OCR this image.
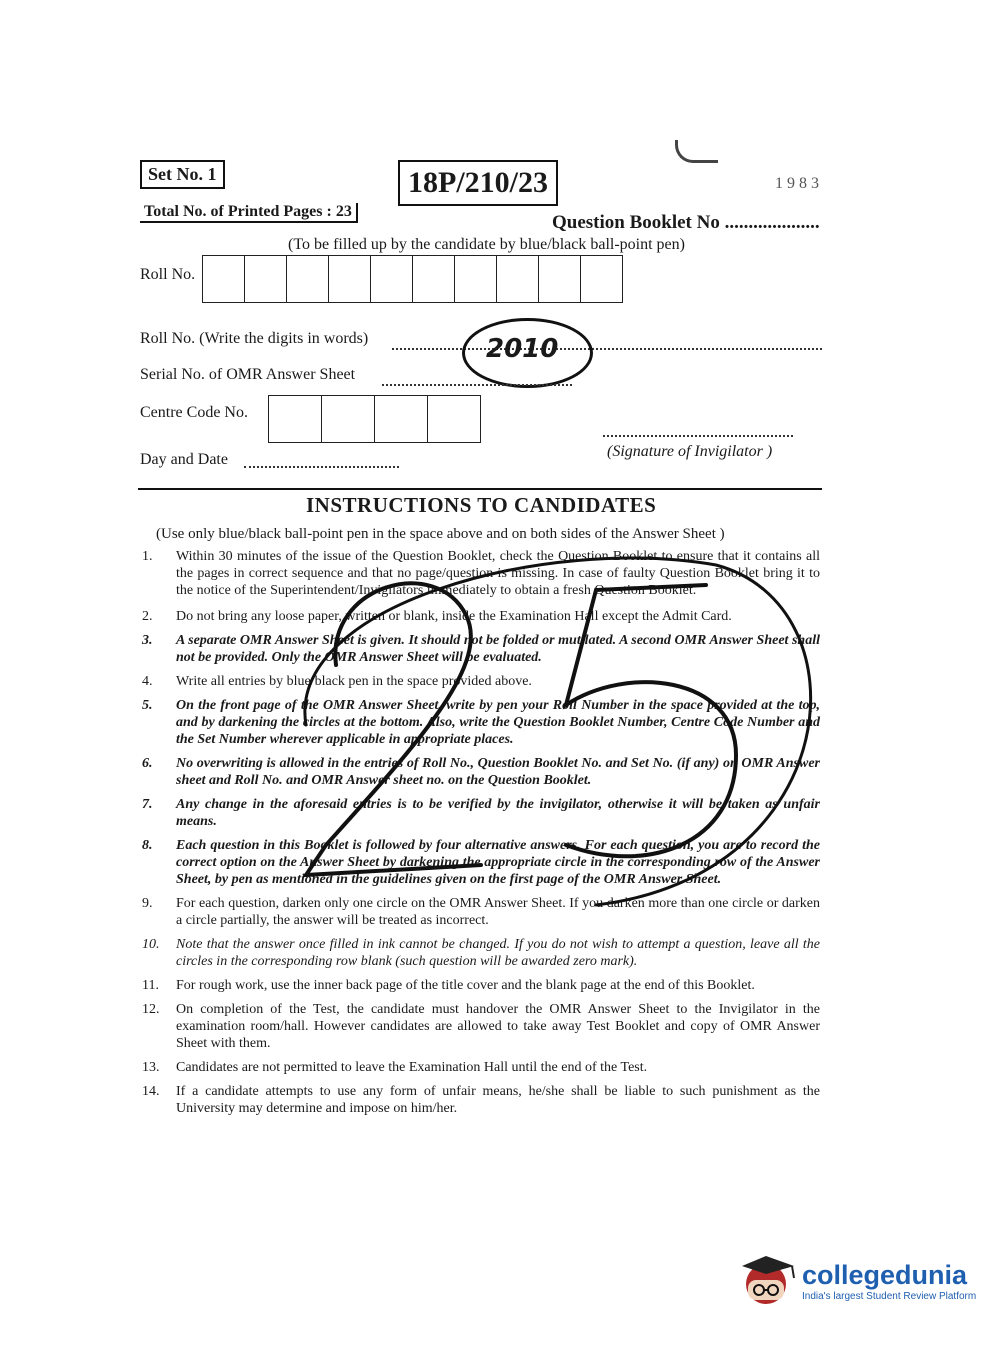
Set No. 1	18P/210/23	1 9 8 3
Total No. of Printed Pages : 23
Question Booklet No ....................
(To be filled up by the candidate by blue/black ball-point pen)
Roll No.
Roll No. (Write the digits in words)	2010
Serial No. of OMR Answer Sheet
Centre Code No.
(Signature of Invigilator )
Day and Date
INSTRUCTIONS TO CANDIDATES
(Use only blue/black ball-point pen in the space above and on both sides of the Answer Sheet )
1.	Within 30 minutes of the issue of the Question Booklet, check the Question Booklet to ensure that it contains all the pages in correct sequence and that no page/question is missing. In case of faulty Question Booklet bring it to the notice of the Superintendent/Invigilators immediately to obtain a fresh Question Booklet.
2.	Do not bring any loose paper, written or blank, inside the Examination Hall except the Admit Card.
3.	A separate OMR Answer Sheet is given. It should not be folded or mutilated. A second OMR Answer Sheet shall not be provided. Only the OMR Answer Sheet will be evaluated.
4.	Write all entries by blue/black pen in the space provided above.
5.	On the front page of the OMR Answer Sheet, write by pen your Roll Number in the space provided at the top, and by darkening the circles at the bottom. Also, write the Question Booklet Number, Centre Code Number and the Set Number wherever applicable in appropriate places.
6.	No overwriting is allowed in the entries of Roll No., Question Booklet No. and Set No. (if any) on OMR Answer sheet and Roll No. and OMR Answer sheet no. on the Question Booklet.
7.	Any change in the aforesaid entries is to be verified by the invigilator, otherwise it will be taken as unfair means.
8.	Each question in this Booklet is followed by four alternative answers. For each question, you are to record the correct option on the Answer Sheet by darkening the appropriate circle in the corresponding row of the Answer Sheet, by pen as mentioned in the guidelines given on the first page of the OMR Answer Sheet.
9.	For each question, darken only one circle on the OMR Answer Sheet. If you darken more than one circle or darken a circle partially, the answer will be treated as incorrect.
10.	Note that the answer once filled in ink cannot be changed. If you do not wish to attempt a question, leave all the circles in the corresponding row blank (such question will be awarded zero mark).
11.	For rough work, use the inner back page of the title cover and the blank page at the end of this Booklet.
12.	On completion of the Test, the candidate must handover the OMR Answer Sheet to the Invigilator in the examination room/hall. However candidates are allowed to take away Test Booklet and copy of OMR Answer Sheet with them.
13.	Candidates are not permitted to leave the Examination Hall until the end of the Test.
14.	If a candidate attempts to use any form of unfair means, he/she shall be liable to such punishment as the University may determine and impose on him/her.
25
collegedunia
India's largest Student Review Platform
